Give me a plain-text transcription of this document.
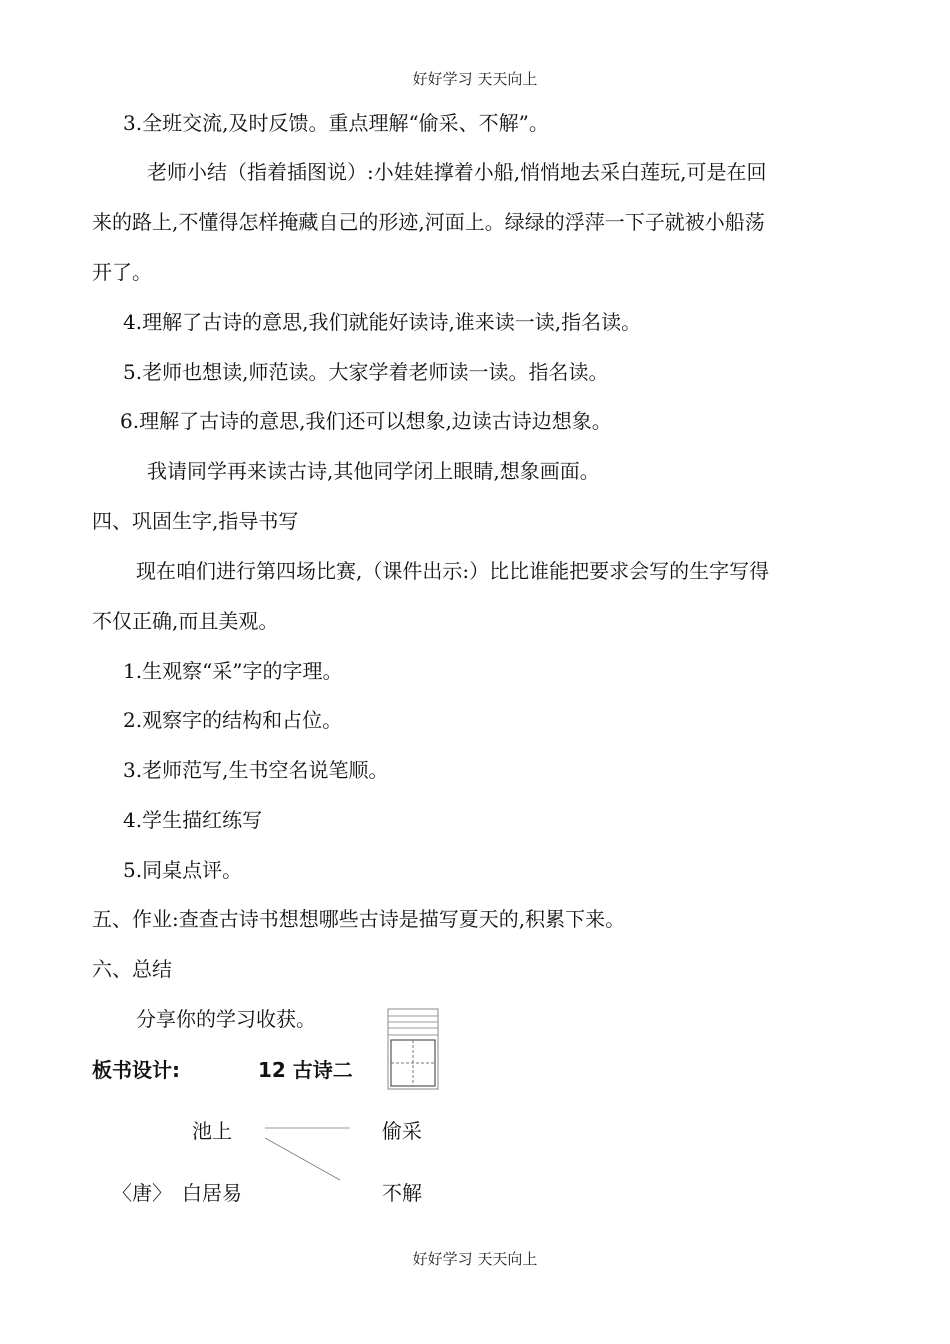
好好学习 天天向上
3.全班交流,及时反馈。重点理解“偷采、不解”。
老师小结（指着插图说）:小娃娃撑着小船,悄悄地去采白莲玩,可是在回
来的路上,不懂得怎样掩藏自己的形迹,河面上。绿绿的浮萍一下子就被小船荡
开了。
4.理解了古诗的意思,我们就能好读诗,谁来读一读,指名读。
5.老师也想读,师范读。大家学着老师读一读。指名读。
6.理解了古诗的意思,我们还可以想象,边读古诗边想象。
我请同学再来读古诗,其他同学闭上眼睛,想象画面。
四、巩固生字,指导书写
现在咱们进行第四场比赛,（课件出示:）比比谁能把要求会写的生字写得
不仅正确,而且美观。
1.生观察“采”字的字理。
2.观察字的结构和占位。
3.老师范写,生书空名说笔顺。
4.学生描红练写
5.同桌点评。
五、作业:查查古诗书想想哪些古诗是描写夏天的,积累下来。
六、总结
分享你的学习收获。
板书设计:	12 古诗二
池上	偷采
〈唐〉 白居易	不解
好好学习 天天向上
